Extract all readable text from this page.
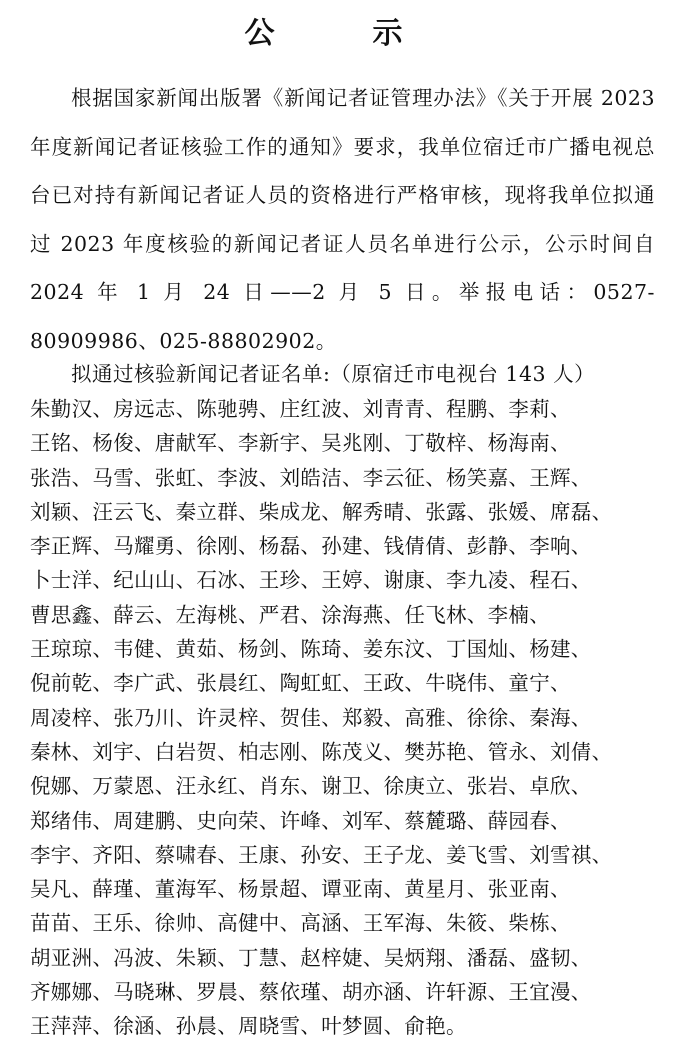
公　示
根据国家新闻出版署《新闻记者证管理办法》《关于开展 2023 年度新闻记者证核验工作的通知》要求，我单位宿迁市广播电视总台已对持有新闻记者证人员的资格进行严格审核，现将我单位拟通过 2023 年度核验的新闻记者证人员名单进行公示，公示时间自 2024 年 1 月 24 日——2 月 5 日。举报电话：0527-80909986、025-88802902。
拟通过核验新闻记者证名单:（原宿迁市电视台 143 人）
朱勤汉、房远志、陈驰骋、庄红波、刘青青、程鹏、李莉、
王铭、杨俊、唐献军、李新宇、吴兆刚、丁敬梓、杨海南、
张浩、马雪、张虹、李波、刘皓洁、李云征、杨笑嘉、王辉、
刘颖、汪云飞、秦立群、柴成龙、解秀晴、张露、张媛、席磊、
李正辉、马耀勇、徐刚、杨磊、孙建、钱倩倩、彭静、李响、
卜士洋、纪山山、石冰、王珍、王婷、谢康、李九凌、程石、
曹思鑫、薛云、左海桃、严君、涂海燕、任飞林、李楠、
王琼琼、韦健、黄茹、杨剑、陈琦、姜东汶、丁国灿、杨建、
倪前乾、李广武、张晨红、陶虹虹、王政、牛晓伟、童宁、
周凌梓、张乃川、许灵梓、贺佳、郑毅、高雅、徐徐、秦海、
秦林、刘宇、白岩贺、柏志刚、陈茂义、樊苏艳、管永、刘倩、
倪娜、万蒙恩、汪永红、肖东、谢卫、徐庚立、张岩、卓欣、
郑绪伟、周建鹏、史向荣、许峰、刘军、蔡麓璐、薛园春、
李宇、齐阳、蔡啸春、王康、孙安、王子龙、姜飞雪、刘雪祺、
吴凡、薛瑾、董海军、杨景超、谭亚南、黄星月、张亚南、
苗苗、王乐、徐帅、高健中、高涵、王军海、朱筱、柴栋、
胡亚洲、冯波、朱颖、丁慧、赵梓婕、吴炳翔、潘磊、盛韧、
齐娜娜、马晓琳、罗晨、蔡依瑾、胡亦涵、许轩源、王宜漫、
王萍萍、徐涵、孙晨、周晓雪、叶梦圆、俞艳。
